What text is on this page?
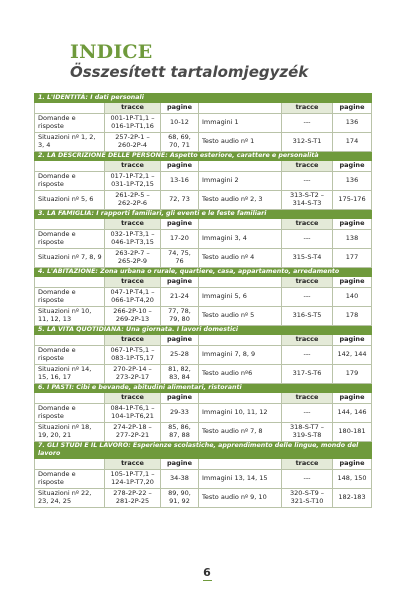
INDICE
Összesített tartalomjegyzék
1. L'IDENTITÀ: I dati personali					
	tracce	pagine		tracce	pagine
Domande e risposte	001-1P-T1,1 – 016-1P-T1,16	10-12	Immagini 1	---	136
Situazioni nº 1, 2, 3, 4	257-2P-1 – 260-2P-4	68, 69, 70, 71	Testo audio nº 1	312-S-T1	174
2. LA DESCRIZIONE DELLE PERSONE: Aspetto esteriore, carattere e personalità					
	tracce	pagine		tracce	pagine
Domande e risposte	017-1P-T2,1 – 031-1P-T2,15	13-16	Immagini 2	---	136
Situazioni nº 5, 6	261-2P-5 – 262-2P-6	72, 73	Testo audio nº 2, 3	313-S-T2 – 314-S-T3	175-176
3. LA FAMIGLIA: I rapporti familiari, gli eventi e le feste familiari					
	tracce	pagine		tracce	pagine
Domande e risposte	032-1P-T3,1 – 046-1P-T3,15	17-20	Immagini 3, 4	---	138
Situazioni nº 7, 8, 9	263-2P-7 – 265-2P-9	74, 75, 76	Testo audio nº 4	315-S-T4	177
4. L'ABITAZIONE: Zona urbana o rurale, quartiere, casa, appartamento, arredamento					
	tracce	pagine		tracce	pagine
Domande e risposte	047-1P-T4,1 – 066-1P-T4,20	21-24	Immagini 5, 6	---	140
Situazioni nº 10, 11, 12, 13	266-2P-10 – 269-2P-13	77, 78, 79, 80	Testo audio nº 5	316-S-T5	178
5. LA VITA QUOTIDIANA: Una giornata. I lavori domestici					
	tracce	pagine		tracce	pagine
Domande e risposte	067-1P-T5,1 – 083-1P-T5,17	25-28	Immagini 7, 8, 9	---	142, 144
Situazioni nº 14, 15, 16, 17	270-2P-14 – 273-2P-17	81, 82, 83, 84	Testo audio nº6	317-S-T6	179
6. I PASTI: Cibi e bevande, abitudini alimentari, ristoranti					
	tracce	pagine		tracce	pagine
Domande e risposte	084-1P-T6,1 – 104-1P-T6,21	29-33	Immagini 10, 11, 12	---	144, 146
Situazioni nº 18, 19, 20, 21	274-2P-18 – 277-2P-21	85, 86, 87, 88	Testo audio nº 7, 8	318-S-T7 – 319-S-T8	180-181
7. GLI STUDI E IL LAVORO: Esperienze scolastiche, apprendimento delle lingue, mondo del lavoro					
	tracce	pagine		tracce	pagine
Domande e risposte	105-1P-T7,1 – 124-1P-T7,20	34-38	Immagini 13, 14, 15	---	148, 150
Situazioni nº 22, 23, 24, 25	278-2P-22 – 281-2P-25	89, 90, 91, 92	Testo audio nº 9, 10	320-S-T9 – 321-S-T10	182-183
6
